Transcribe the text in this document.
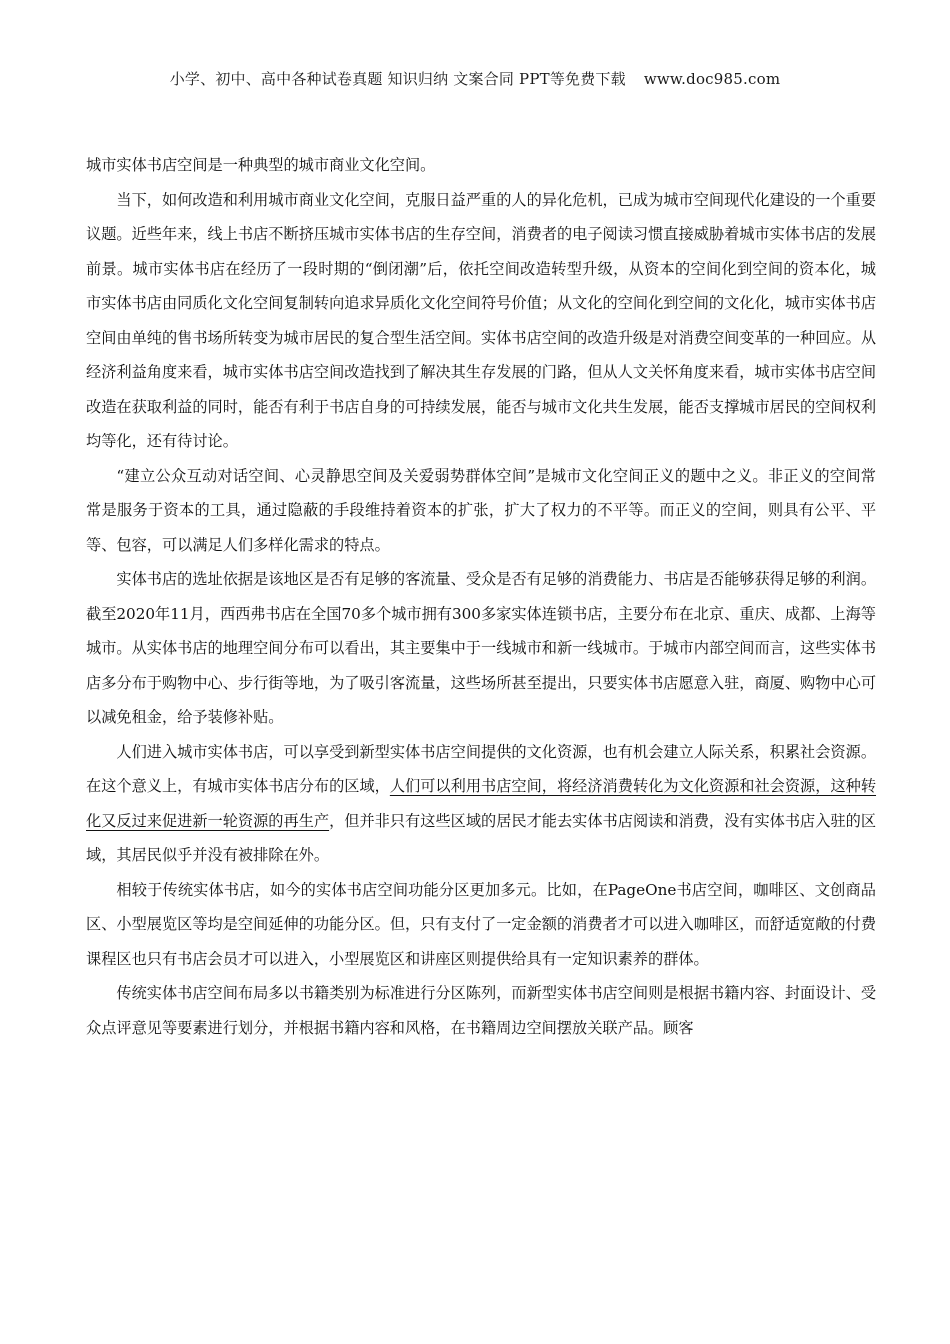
小学、初中、高中各种试卷真题 知识归纳 文案合同 PPT等免费下载 www.doc985.com

城市实体书店空间是一种典型的城市商业文化空间。

当下，如何改造和利用城市商业文化空间，克服日益严重的人的异化危机，已成为城市空间现代化建设的一个重要议题。近些年来，线上书店不断挤压城市实体书店的生存空间，消费者的电子阅读习惯直接威胁着城市实体书店的发展前景。城市实体书店在经历了一段时期的“倒闭潮”后，依托空间改造转型升级，从资本的空间化到空间的资本化，城市实体书店由同质化文化空间复制转向追求异质化文化空间符号价值；从文化的空间化到空间的文化化，城市实体书店空间由单纯的售书场所转变为城市居民的复合型生活空间。实体书店空间的改造升级是对消费空间变革的一种回应。从经济利益角度来看，城市实体书店空间改造找到了解决其生存发展的门路，但从人文关怀角度来看，城市实体书店空间改造在获取利益的同时，能否有利于书店自身的可持续发展，能否与城市文化共生发展，能否支撑城市居民的空间权利均等化，还有待讨论。

“建立公众互动对话空间、心灵静思空间及关爱弱势群体空间”是城市文化空间正义的题中之义。非正义的空间常常是服务于资本的工具，通过隐蔽的手段维持着资本的扩张，扩大了权力的不平等。而正义的空间，则具有公平、平等、包容，可以满足人们多样化需求的特点。

实体书店的选址依据是该地区是否有足够的客流量、受众是否有足够的消费能力、书店是否能够获得足够的利润。截至2020年11月，西西弗书店在全国70多个城市拥有300多家实体连锁书店，主要分布在北京、重庆、成都、上海等城市。从实体书店的地理空间分布可以看出，其主要集中于一线城市和新一线城市。于城市内部空间而言，这些实体书店多分布于购物中心、步行街等地，为了吸引客流量，这些场所甚至提出，只要实体书店愿意入驻，商厦、购物中心可以减免租金，给予装修补贴。

人们进入城市实体书店，可以享受到新型实体书店空间提供的文化资源，也有机会建立人际关系，积累社会资源。在这个意义上，有城市实体书店分布的区域，人们可以利用书店空间，将经济消费转化为文化资源和社会资源，这种转化又反过来促进新一轮资源的再生产，但并非只有这些区域的居民才能去实体书店阅读和消费，没有实体书店入驻的区域，其居民似乎并没有被排除在外。

相较于传统实体书店，如今的实体书店空间功能分区更加多元。比如，在PageOne书店空间，咖啡区、文创商品区、小型展览区等均是空间延伸的功能分区。但，只有支付了一定金额的消费者才可以进入咖啡区，而舒适宽敞的付费课程区也只有书店会员才可以进入，小型展览区和讲座区则提供给具有一定知识素养的群体。

传统实体书店空间布局多以书籍类别为标准进行分区陈列，而新型实体书店空间则是根据书籍内容、封面设计、受众点评意见等要素进行划分，并根据书籍内容和风格，在书籍周边空间摆放关联产品。顾客
